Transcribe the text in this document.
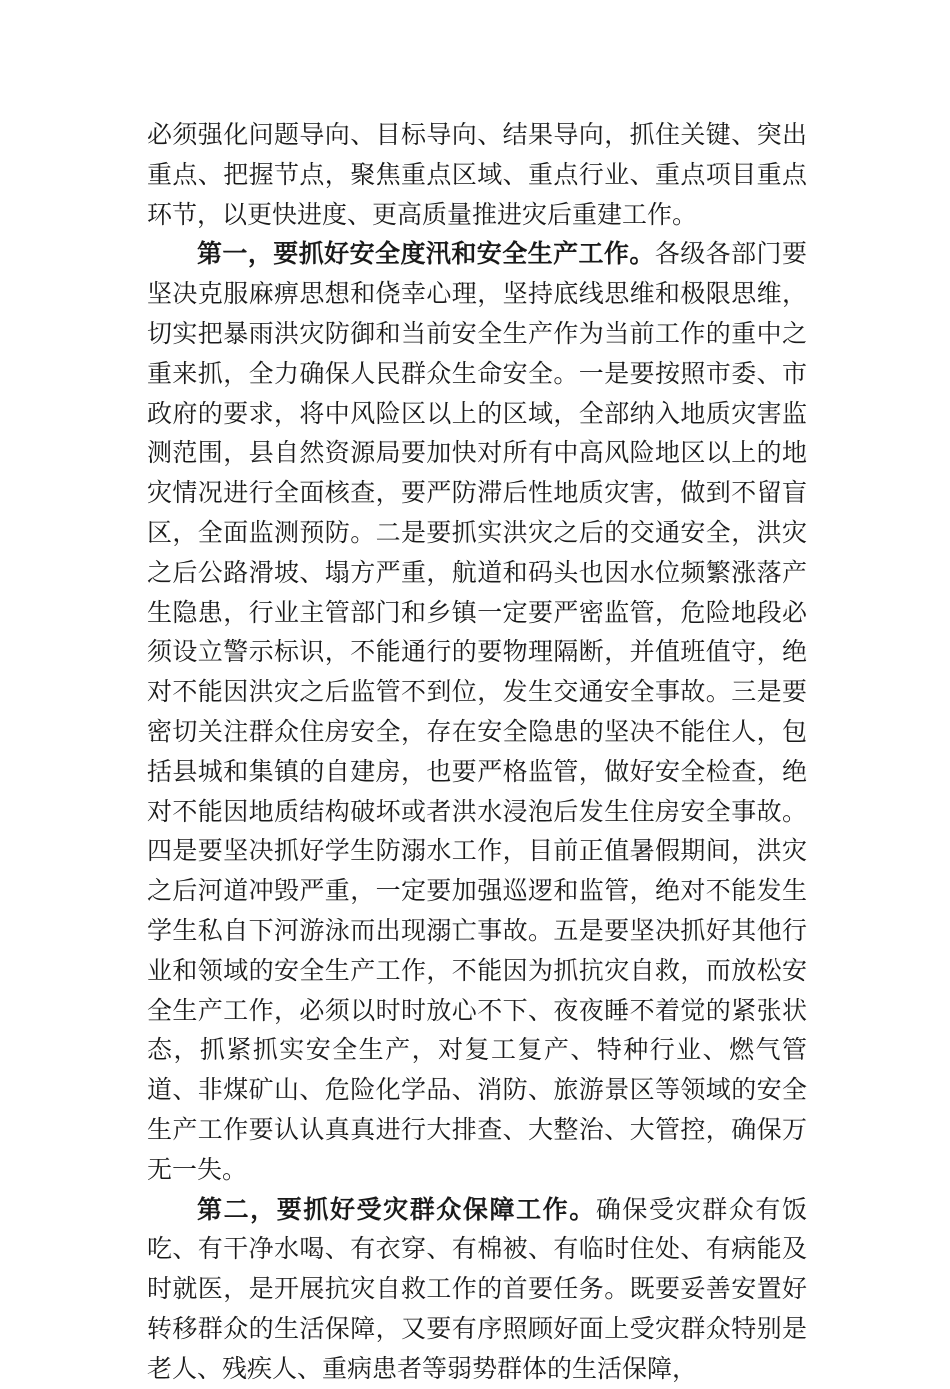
必须强化问题导向、目标导向、结果导向，抓住关键、突出重点、把握节点，聚焦重点区域、重点行业、重点项目重点环节，以更快进度、更高质量推进灾后重建工作。

第一，要抓好安全度汛和安全生产工作。各级各部门要坚决克服麻痹思想和侥幸心理，坚持底线思维和极限思维，切实把暴雨洪灾防御和当前安全生产作为当前工作的重中之重来抓，全力确保人民群众生命安全。一是要按照市委、市政府的要求，将中风险区以上的区域，全部纳入地质灾害监测范围，县自然资源局要加快对所有中高风险地区以上的地灾情况进行全面核查，要严防滞后性地质灾害，做到不留盲区，全面监测预防。二是要抓实洪灾之后的交通安全，洪灾之后公路滑坡、塌方严重，航道和码头也因水位频繁涨落产生隐患，行业主管部门和乡镇一定要严密监管，危险地段必须设立警示标识，不能通行的要物理隔断，并值班值守，绝对不能因洪灾之后监管不到位，发生交通安全事故。三是要密切关注群众住房安全，存在安全隐患的坚决不能住人，包括县城和集镇的自建房，也要严格监管，做好安全检查，绝对不能因地质结构破坏或者洪水浸泡后发生住房安全事故。四是要坚决抓好学生防溺水工作，目前正值暑假期间，洪灾之后河道冲毁严重，一定要加强巡逻和监管，绝对不能发生学生私自下河游泳而出现溺亡事故。五是要坚决抓好其他行业和领域的安全生产工作，不能因为抓抗灾自救，而放松安全生产工作，必须以时时放心不下、夜夜睡不着觉的紧张状态，抓紧抓实安全生产，对复工复产、特种行业、燃气管道、非煤矿山、危险化学品、消防、旅游景区等领域的安全生产工作要认认真真进行大排查、大整治、大管控，确保万无一失。

第二，要抓好受灾群众保障工作。确保受灾群众有饭吃、有干净水喝、有衣穿、有棉被、有临时住处、有病能及时就医，是开展抗灾自救工作的首要任务。既要妥善安置好转移群众的生活保障，又要有序照顾好面上受灾群众特别是老人、残疾人、重病患者等弱势群体的生活保障，
